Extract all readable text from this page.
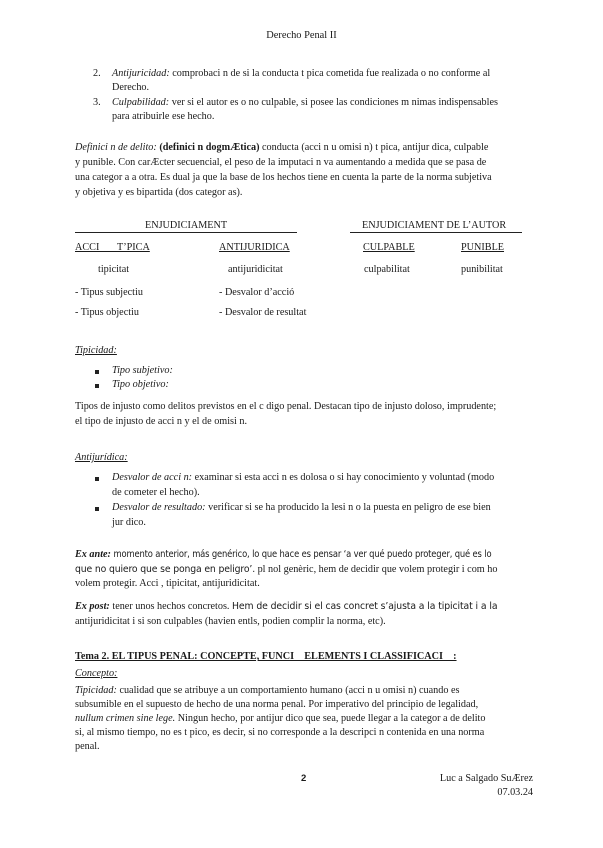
Derecho Penal II
2. Antijuricidad: comprobaci n de si la conducta t pica cometida fue realizada o no conforme al
Derecho.
3. Culpabilidad: ver si el autor es o no culpable, si posee las condiciones m nimas indispensables
para atribuirle ese hecho.
Definici n de delito: (definici n dogmÆtica) conducta (acci n u omisi n) t pica, antijur dica, culpable
y punible. Con carÆcter secuencial, el peso de la imputaci n va aumentando a medida que se pasa de
una categor a a otra. Es dual ja que la base de los hechos tiene en cuenta la parte de la norma subjetiva
y objetiva y es bipartida (dos categor as).
ENJUDICIAMENT	ENJUDICIAMENT DE L’AUTOR
ACCI       T’PICA	ANTIJURIDICA	CULPABLE	PUNIBLE
tipicitat	antijuridicitat	culpabilitat	punibilitat
- Tipus subjectiu	- Desvalor d’acció
- Tipus objectiu	- Desvalor de resultat
Tipicidad:
Tipo subjetivo:
Tipo objetivo:
Tipos de injusto como delitos previstos en el c digo penal. Destacan tipo de injusto doloso, imprudente;
el tipo de injusto de acci n y el de omisi n.
Antijurídica:
Desvalor de acci n: examinar si esta acci n es dolosa o si hay conocimiento y voluntad (modo
de cometer el hecho).
Desvalor de resultado: verificar si se ha producido la lesi n o la puesta en peligro de ese bien
jur dico.
Ex ante: momento anterior, más genérico, lo que hace es pensar ‘a ver qué puedo proteger, qué es lo
que no quiero que se ponga en peligro’. pl nol genèric, hem de decidir que volem protegir i com ho
volem protegir. Acci , tipicitat, antijuridicitat.
Ex post: tener unos hechos concretos. Hem de decidir si el cas concret s’ajusta a la tipicitat i a la
antijuridicitat i si son culpables (havien entls, podien complir la norma, etc).
Tema 2. EL TIPUS PENAL: CONCEPTE, FUNCI    ELEMENTS I CLASSIFICACI    :
Concepto:
Tipicidad: cualidad que se atribuye a un comportamiento humano (acci n u omisi n) cuando es
subsumible en el supuesto de hecho de una norma penal. Por imperativo del principio de legalidad,
nullum crimen sine lege. Ningun hecho, por antijur dico que sea, puede llegar a la categor a de delito
si, al mismo tiempo, no es t pico, es decir, si no corresponde a la descripci n contenida en una norma
penal.
2	Luc a Salgado SuÆrez
07.03.24
